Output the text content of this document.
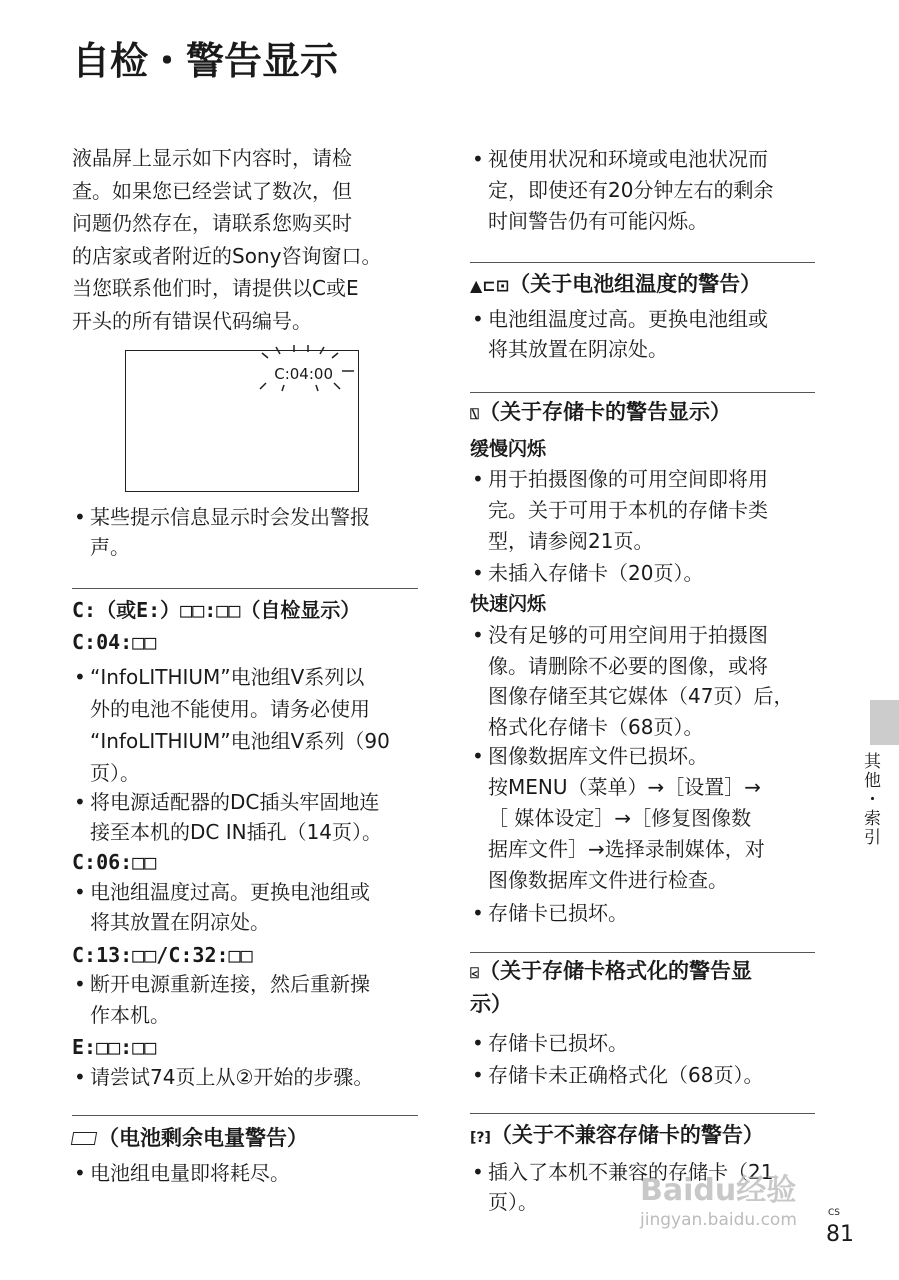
自检・警告显示
液晶屏上显示如下内容时，请检
查。如果您已经尝试了数次，但
问题仍然存在，请联系您购买时
的店家或者附近的Sony咨询窗口。
当您联系他们时，请提供以C或E
开头的所有错误代码编号。
C:04:00
• 某些提示信息显示时会发出警报
声。
C:（或E:）□□:□□（自检显示）
C:04:□□
• “InfoLITHIUM”电池组V系列以
外的电池不能使用。请务必使用
“InfoLITHIUM”电池组V系列（90
页）。
• 将电源适配器的DC插头牢固地连
接至本机的DC IN插孔（14页）。
C:06:□□
• 电池组温度过高。更换电池组或
将其放置在阴凉处。
C:13:□□/C:32:□□
• 断开电源重新连接，然后重新操
作本机。
E:□□:□□
• 请尝试74页上从②开始的步骤。
（电池剩余电量警告）
• 电池组电量即将耗尽。
• 视使用状况和环境或电池状况而
定，即使还有20分钟左右的剩余
时间警告仍有可能闪烁。
▲⊏⊡（关于电池组温度的警告）
• 电池组温度过高。更换电池组或
将其放置在阴凉处。
⍂（关于存储卡的警告显示）
缓慢闪烁
• 用于拍摄图像的可用空间即将用
完。关于可用于本机的存储卡类
型，请参阅21页。
• 未插入存储卡（20页）。
快速闪烁
• 没有足够的可用空间用于拍摄图
像。请删除不必要的图像，或将
图像存储至其它媒体（47页）后，
格式化存储卡（68页）。
• 图像数据库文件已损坏。
按MENU（菜单）→［设置］→
［ 媒体设定］→［修复图像数
据库文件］→选择录制媒体，对
图像数据库文件进行检查。
• 存储卡已损坏。
⍃（关于存储卡格式化的警告显
示）
• 存储卡已损坏。
• 存储卡未正确格式化（68页）。
⁅?⁆（关于不兼容存储卡的警告）
• 插入了本机不兼容的存储卡（21
页）。
其他・索引
Baidu经验
jingyan.baidu.com	CS
81
